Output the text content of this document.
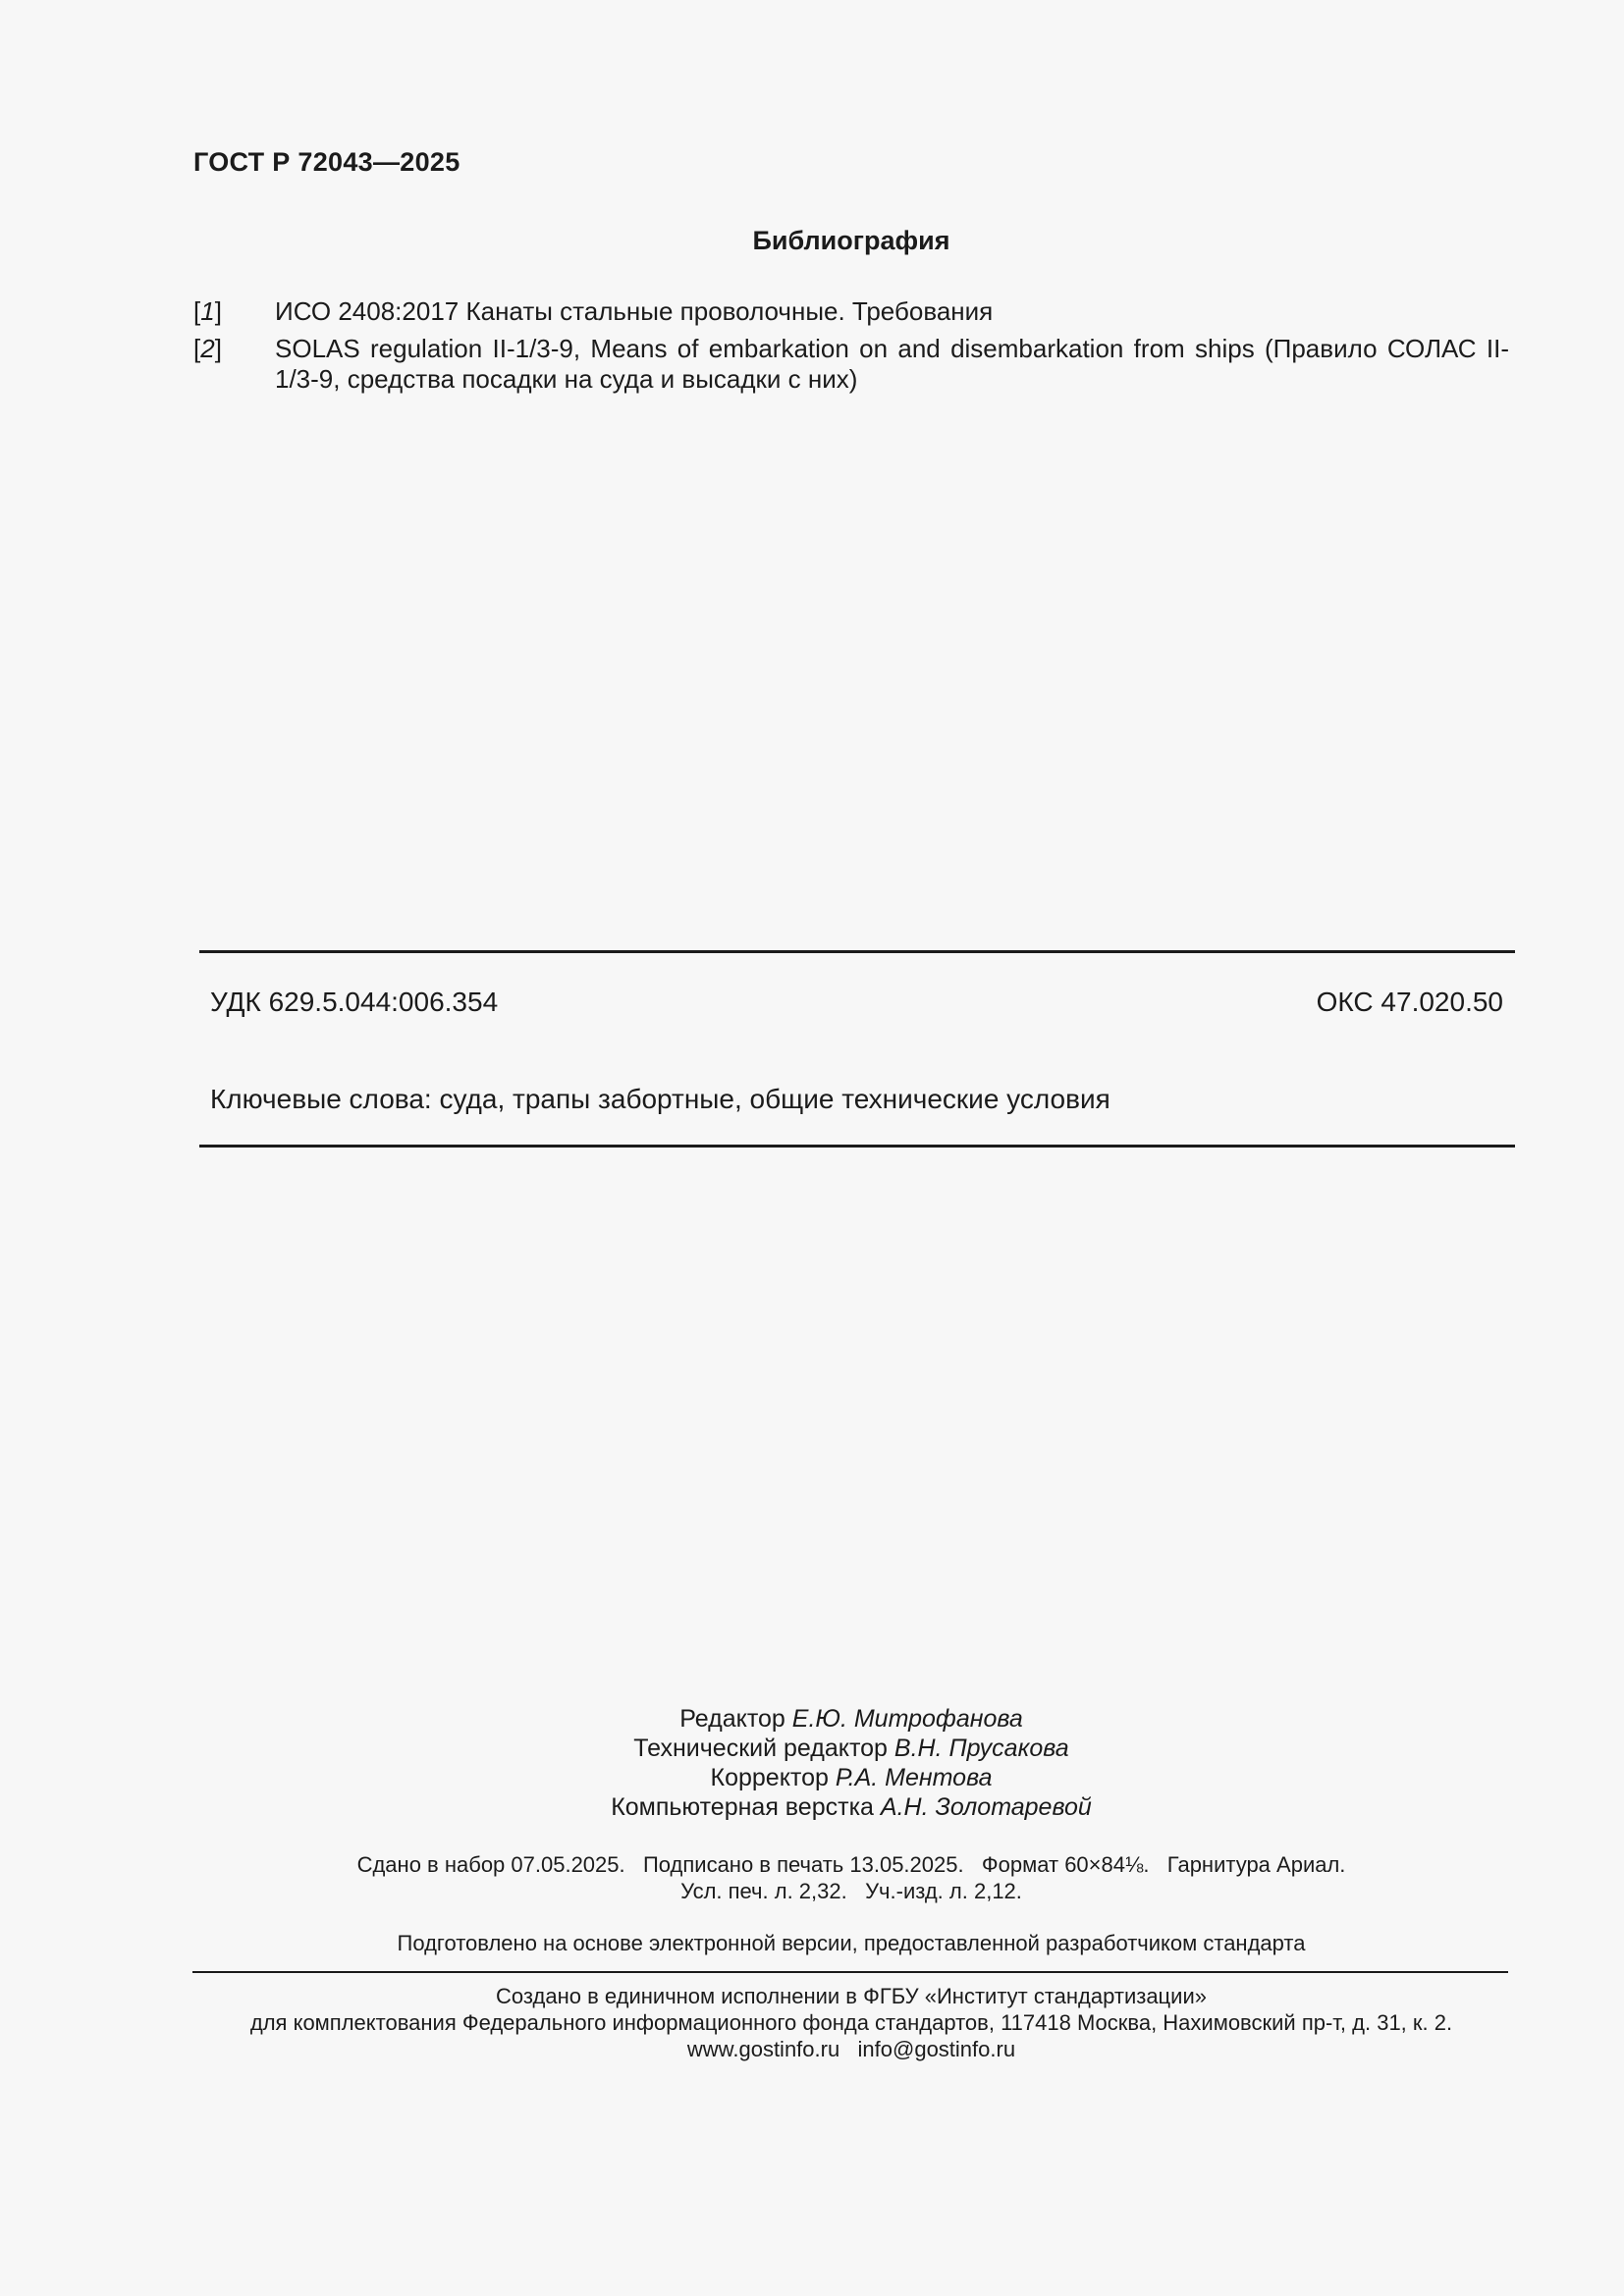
ГОСТ Р 72043—2025
Библиография
[1]	ИСО 2408:2017 Канаты стальные проволочные. Требования
[2]	SOLAS regulation II-1/3-9, Means of embarkation on and disembarkation from ships (Правило СОЛАС II-1/3-9, средства посадки на суда и высадки с них)
УДК 629.5.044:006.354	ОКС 47.020.50
Ключевые слова: суда, трапы забортные, общие технические условия
Редактор Е.Ю. Митрофанова
Технический редактор В.Н. Прусакова
Корректор Р.А. Ментова
Компьютерная верстка А.Н. Золотаревой
Сдано в набор 07.05.2025.   Подписано в печать 13.05.2025.   Формат 60×84⅛.   Гарнитура Ариал.
Усл. печ. л. 2,32.   Уч.-изд. л. 2,12.
Подготовлено на основе электронной версии, предоставленной разработчиком стандарта
Создано в единичном исполнении в ФГБУ «Институт стандартизации»
для комплектования Федерального информационного фонда стандартов, 117418 Москва, Нахимовский пр-т, д. 31, к. 2.
www.gostinfo.ru   info@gostinfo.ru
